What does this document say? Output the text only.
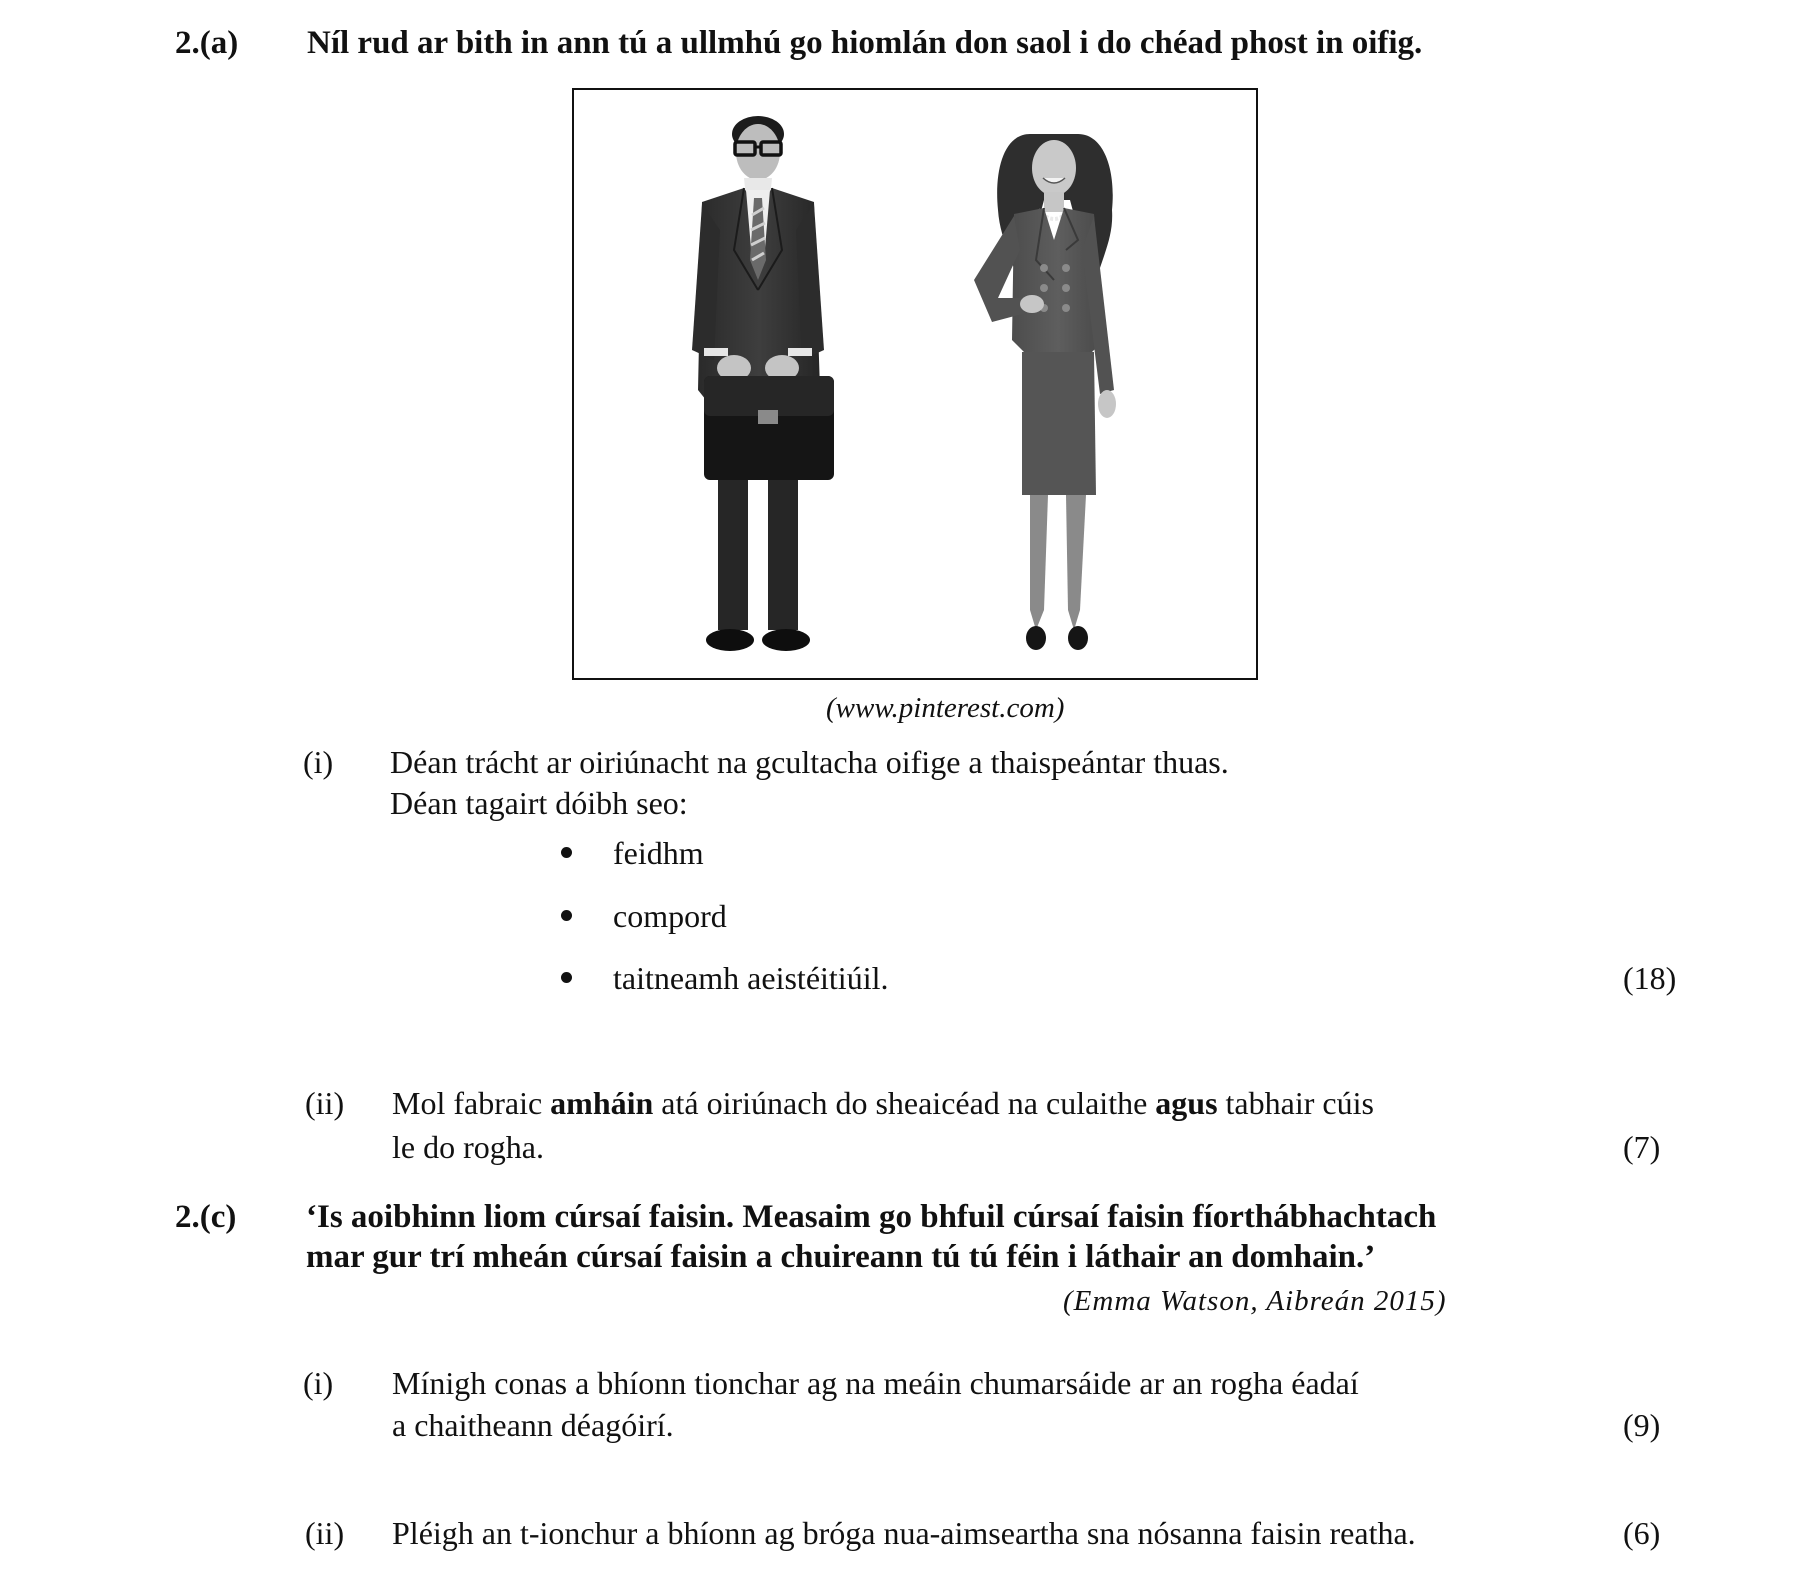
2.(a) Níl rud ar bith in ann tú a ullmhú go hiomlán don saol i do chéad phost in oifig.
(www.pinterest.com)
(i) Déan trácht ar oiriúnacht na gcultacha oifige a thaispeántar thuas.
Déan tagairt dóibh seo:
feidhm
compord
taitneamh aeistéitiúil.	(18)
(ii) Mol fabraic amháin atá oiriúnach do sheaicéad na culaithe agus tabhair cúis
le do rogha.	(7)
2.(c) ‘Is aoibhinn liom cúrsaí faisin. Measaim go bhfuil cúrsaí faisin fíorthábhachtach
mar gur trí mheán cúrsaí faisin a chuireann tú tú féin i láthair an domhain.’
(Emma Watson, Aibreán 2015)
(i) Mínigh conas a bhíonn tionchar ag na meáin chumarsáide ar an rogha éadaí
a chaitheann déagóirí.	(9)
(ii) Pléigh an t-ionchur a bhíonn ag bróga nua-aimseartha sna nósanna faisin reatha.	(6)
